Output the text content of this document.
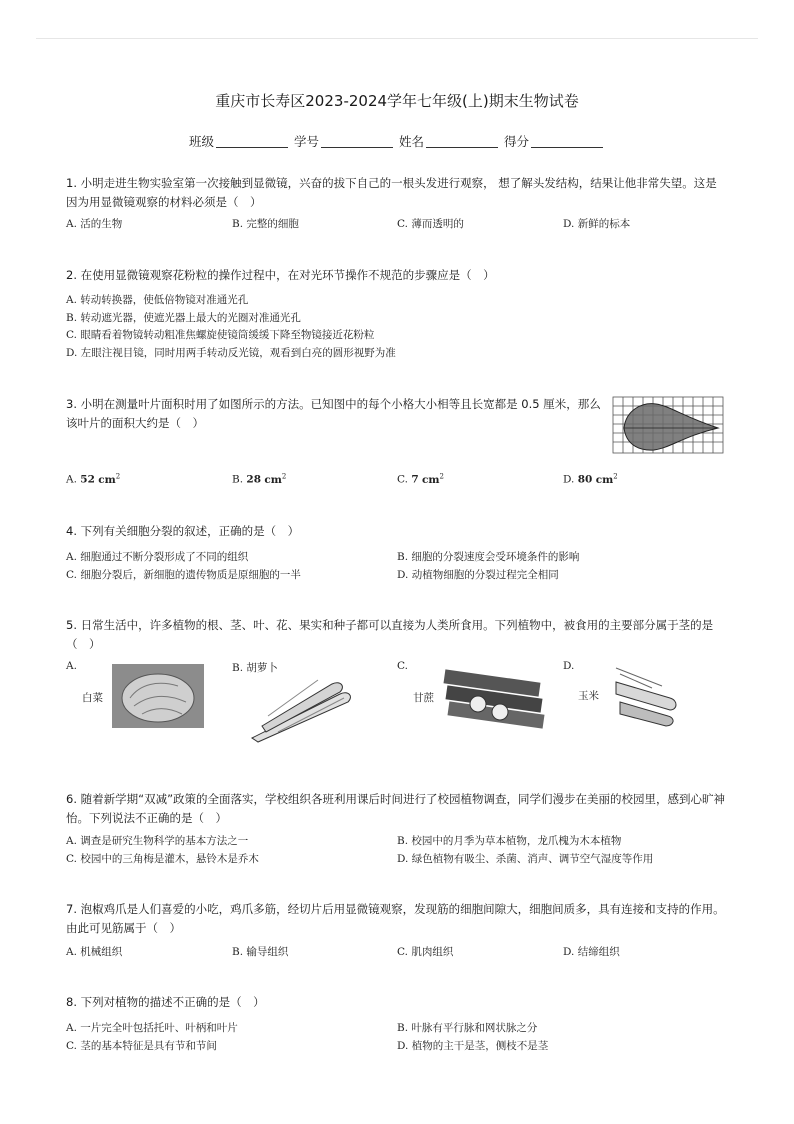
重庆市长寿区2023-2024学年七年级(上)期末生物试卷
班级	学号	姓名	得分
1. 小明走进生物实验室第一次接触到显微镜，兴奋的拔下自己的一根头发进行观察， 想了解头发结构，结果让他非常失望。这是因为用显微镜观察的材料必须是（　）
A. 活的生物	B. 完整的细胞	C. 薄而透明的	D. 新鲜的标本
2. 在使用显微镜观察花粉粒的操作过程中，在对光环节操作不规范的步骤应是（　）
A. 转动转换器，使低倍物镜对准通光孔
B. 转动遮光器，使遮光器上最大的光圈对准通光孔
C. 眼睛看着物镜转动粗准焦螺旋使镜筒缓缓下降至物镜接近花粉粒
D. 左眼注视目镜，同时用两手转动反光镜，观看到白亮的圆形视野为准
3. 小明在测量叶片面积时用了如图所示的方法。已知图中的每个小格大小相等且长宽都是 0.5 厘米，那么该叶片的面积大约是（　）
A. 52 $cm^2$	B. 28 $cm^2$	C. 7 $cm^2$	D. 80 $cm^2$
4. 下列有关细胞分裂的叙述，正确的是（　）
A. 细胞通过不断分裂形成了不同的组织	B. 细胞的分裂速度会受环境条件的影响
C. 细胞分裂后，新细胞的遗传物质是原细胞的一半	D. 动植物细胞的分裂过程完全相同
5. 日常生活中，许多植物的根、茎、叶、花、果实和种子都可以直接为人类所食用。下列植物中，被食用的主要部分属于茎的是（　）
A.	B. 胡萝卜	C.	D.
白菜	甘蔗	玉米
6. 随着新学期“双减”政策的全面落实，学校组织各班利用课后时间进行了校园植物调查，同学们漫步在美丽的校园里，感到心旷神怡。下列说法不正确的是（　）
A. 调查是研究生物科学的基本方法之一	B. 校园中的月季为草本植物，龙爪槐为木本植物
C. 校园中的三角梅是灌木，悬铃木是乔木	D. 绿色植物有吸尘、杀菌、消声、调节空气湿度等作用
7. 泡椒鸡爪是人们喜爱的小吃，鸡爪多筋，经切片后用显微镜观察，发现筋的细胞间隙大，细胞间质多，具有连接和支持的作用。由此可见筋属于（　）
A. 机械组织	B. 输导组织	C. 肌肉组织	D. 结缔组织
8. 下列对植物的描述不正确的是（　）
A. 一片完全叶包括托叶、叶柄和叶片	B. 叶脉有平行脉和网状脉之分
C. 茎的基本特征是具有节和节间	D. 植物的主干是茎，侧枝不是茎
